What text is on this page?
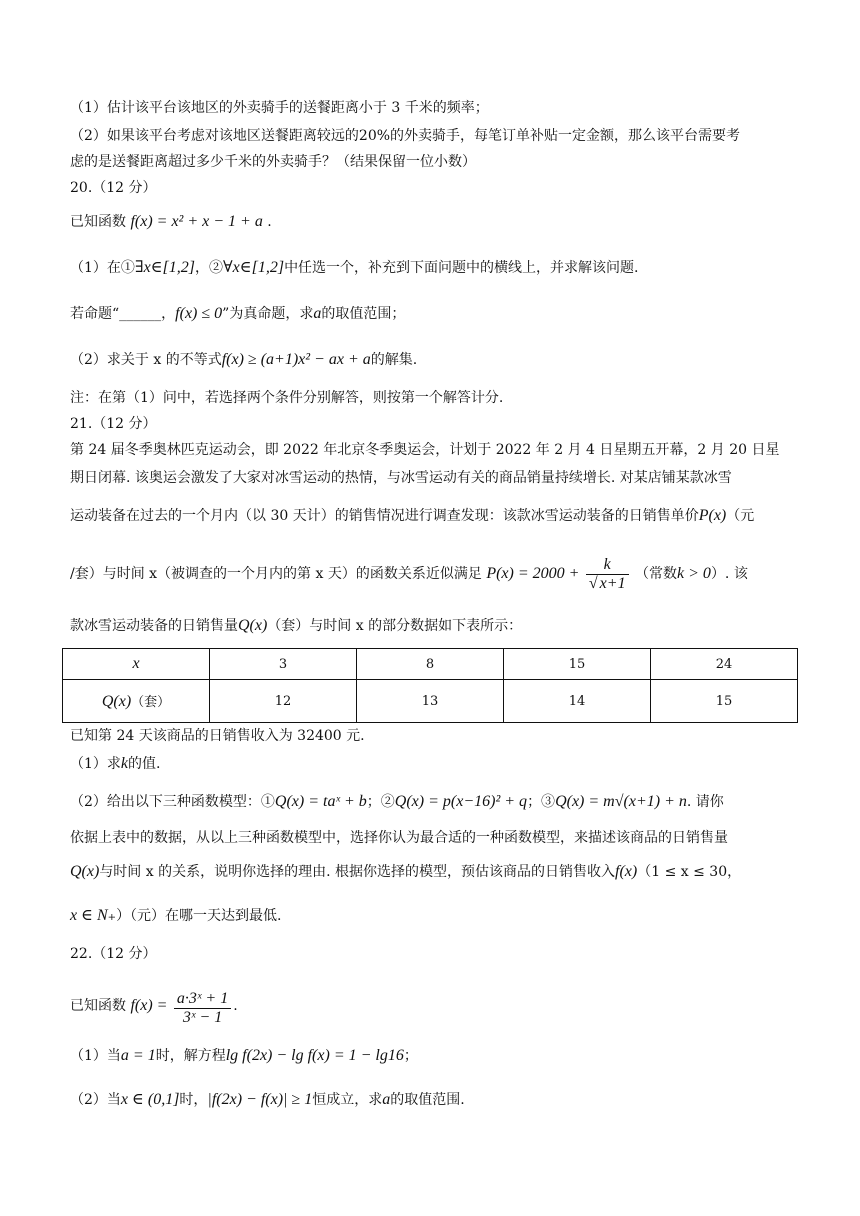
（1）估计该平台该地区的外卖骑手的送餐距离小于 3 千米的频率；
（2）如果该平台考虑对该地区送餐距离较远的20%的外卖骑手，每笔订单补贴一定金额，那么该平台需要考
虑的是送餐距离超过多少千米的外卖骑手？（结果保留一位小数）
20.（12 分）
已知函数 f(x) = x² + x − 1 + a .
（1）在①∃x∈[1,2]，②∀x∈[1,2]中任选一个，补充到下面问题中的横线上，并求解该问题.
若命题“______，f(x) ≤ 0”为真命题，求a的取值范围；
（2）求关于 x 的不等式f(x) ≥ (a+1)x² − ax + a的解集.
注：在第（1）问中，若选择两个条件分别解答，则按第一个解答计分.
21.（12 分）
第 24 届冬季奥林匹克运动会，即 2022 年北京冬季奥运会，计划于 2022 年 2 月 4 日星期五开幕，2 月 20 日星
期日闭幕. 该奥运会激发了大家对冰雪运动的热情，与冰雪运动有关的商品销量持续增长. 对某店铺某款冰雪
运动装备在过去的一个月内（以 30 天计）的销售情况进行调查发现：该款冰雪运动装备的日销售单价P(x)（元
/套）与时间 x（被调查的一个月内的第 x 天）的函数关系近似满足 $P(x) = 2000 + \frac{k}{√ x+1}$ （常数k > 0）. 该
款冰雪运动装备的日销售量Q(x)（套）与时间 x 的部分数据如下表所示：
x	3	8	15	24
Q(x)（套）	12	13	14	15
已知第 24 天该商品的日销售收入为 32400 元.
（1）求k的值.
（2）给出以下三种函数模型：①Q(x) = taˣ + b；②Q(x) = p(x−16)² + q；③Q(x) = m√(x+1) + n. 请你
依据上表中的数据，从以上三种函数模型中，选择你认为最合适的一种函数模型，来描述该商品的日销售量
Q(x)与时间 x 的关系，说明你选择的理由. 根据你选择的模型，预估该商品的日销售收入f(x)（1 ≤ x ≤ 30，
x ∈ N₊）（元）在哪一天达到最低.
22.（12 分）
已知函数 $f(x) = \frac{\text{a·3ˣ + 1}}{\text{3ˣ − 1}}$ .
（1）当a = 1时，解方程lg f(2x) − lg f(x) = 1 − lg16；
（2）当x ∈ (0,1]时，|f(2x) − f(x)| ≥ 1恒成立，求a的取值范围.
